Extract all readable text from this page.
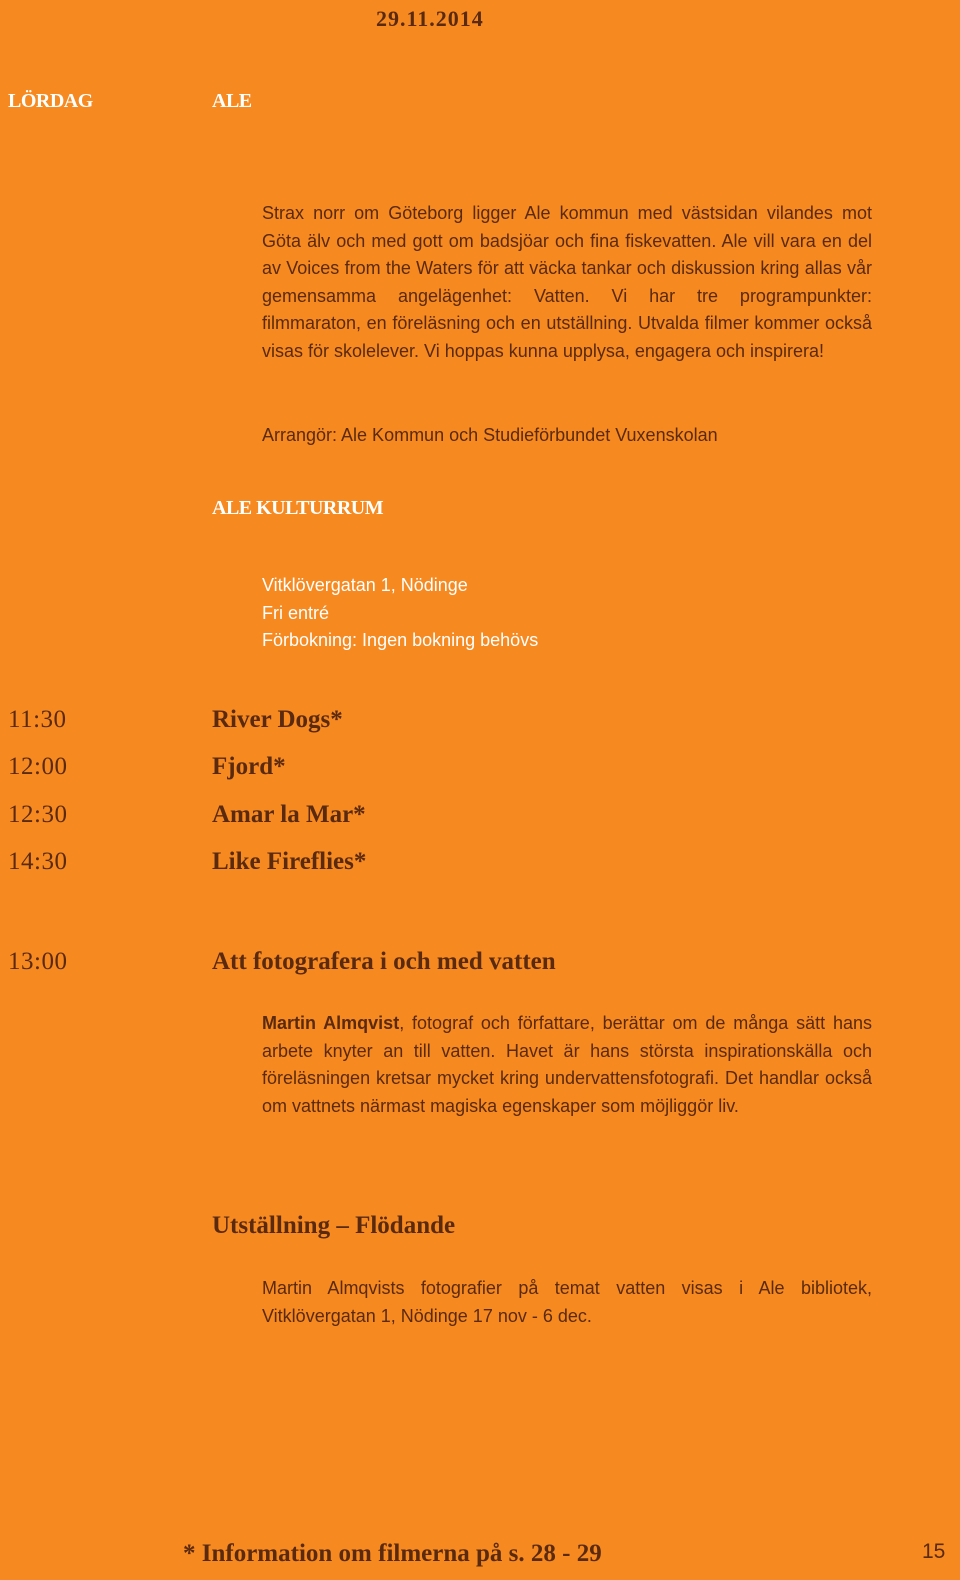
29.11.2014
LÖRDAG	ALE

Strax norr om Göteborg ligger Ale kommun med västsidan vilandes mot Göta älv och med gott om badsjöar och fina fiskevatten. Ale vill vara en del av Voices from the Waters för att väcka tankar och diskussion kring allas vår gemensamma angelägenhet: Vatten. Vi har tre programpunkter: filmmaraton, en föreläsning och en utställning. Utvalda filmer kommer också visas för skolelever. Vi hoppas kunna upplysa, engagera och inspirera!

Arrangör: Ale Kommun och Studieförbundet Vuxenskolan

ALE KULTURRUM
Vitklövergatan 1, Nödinge
Fri entré
Förbokning: Ingen bokning behövs
11:30	River Dogs*
12:00	Fjord*
12:30	Amar la Mar*
14:30	Like Fireflies*
13:00	Att fotografera i och med vatten

Martin Almqvist, fotograf och författare, berättar om de många sätt hans arbete knyter an till vatten. Havet är hans största inspirationskälla och föreläsningen kretsar mycket kring undervattensfotografi. Det handlar också om vattnets närmast magiska egenskaper som möjliggör liv.

Utställning – Flödande

Martin Almqvists fotografier på temat vatten visas i Ale bibliotek, Vitklövergatan 1, Nödinge 17 nov - 6 dec.

* Information om filmerna på s. 28 - 29	15
